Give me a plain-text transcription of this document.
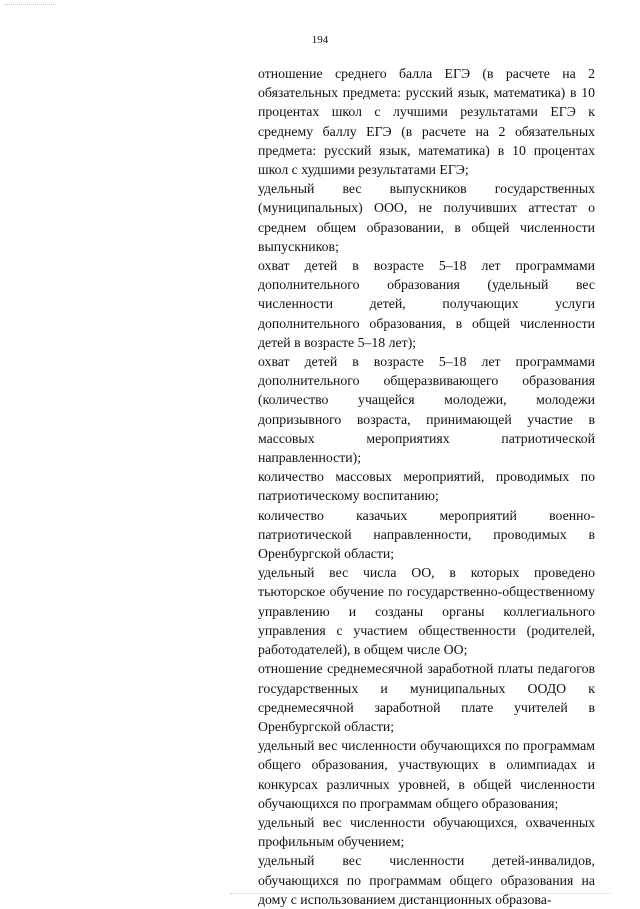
194

отношение среднего балла ЕГЭ (в расчете на 2 обязательных предмета: русский язык, математика) в 10 процентах школ с лучшими результатами ЕГЭ к среднему баллу ЕГЭ (в расчете на 2 обязательных предмета: русский язык, математика) в 10 процентах школ с худшими результатами ЕГЭ;

удельный вес выпускников государственных (муниципальных) ООО, не получивших аттестат о среднем общем образовании, в общей численности выпускников;

охват детей в возрасте 5–18 лет программами дополнительного образования (удельный вес численности детей, получающих услуги дополнительного образования, в общей численности детей в возрасте 5–18 лет);

охват детей в возрасте 5–18 лет программами дополнительного общеразвивающего образования (количество учащейся молодежи, молодежи допризывного возраста, принимающей участие в массовых мероприятиях патриотической направленности);

количество массовых мероприятий, проводимых по патриотическому воспитанию;

количество казачьих мероприятий военно-патриотической направленности, проводимых в Оренбургской области;

удельный вес числа ОО, в которых проведено тьюторское обучение по государственно-общественному управлению и созданы органы коллегиального управления с участием общественности (родителей, работодателей), в общем числе ОО;

отношение среднемесячной заработной платы педагогов государственных и муниципальных ООДО к среднемесячной заработной плате учителей в Оренбургской области;

удельный вес численности обучающихся по программам общего образования, участвующих в олимпиадах и конкурсах различных уровней, в общей численности обучающихся по программам общего образования;

удельный вес численности обучающихся, охваченных профильным обучением;

удельный вес численности детей-инвалидов, обучающихся по программам общего образования на дому с использованием дистанционных образова-
